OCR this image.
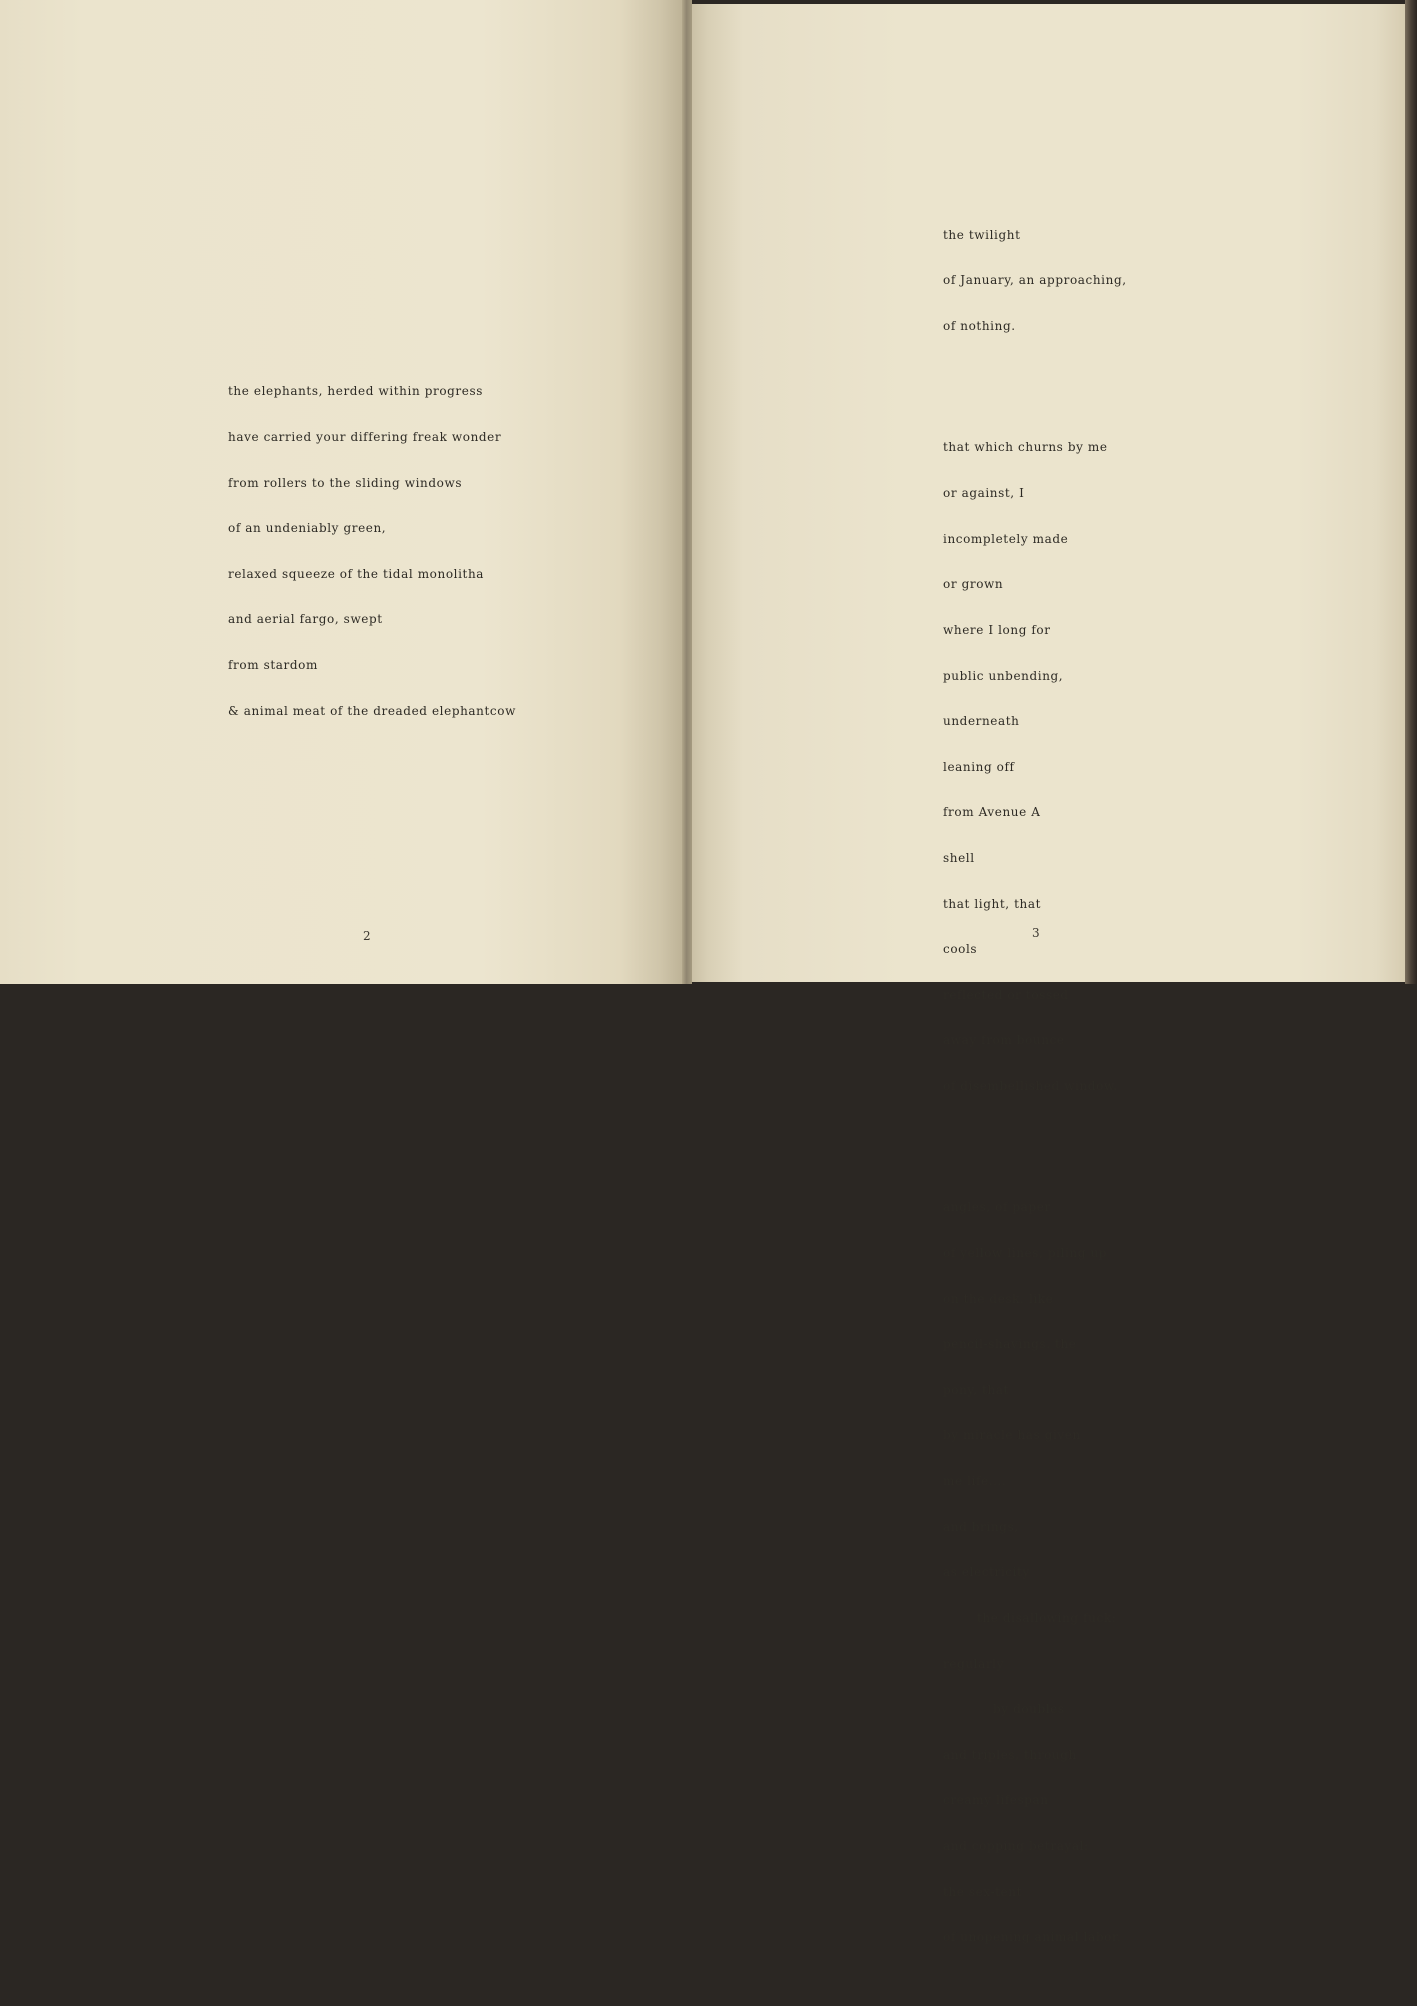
the elephants, herded within progress

have carried your differing freak wonder

from rollers to the sliding windows

of an undeniably green,

relaxed squeeze of the tidal monolitha

and aerial fargo, swept

from stardom

& animal meat of the dreaded elephantcow

2

the twilight

of January, an approaching,

of nothing.

that which churns by me

or against, I

incompletely made

or grown

where I long for

public unbending,

underneath

leaning off

from Avenue A

shell

that light, that

cools

reflected or tossed

away from bounce

of disembellished window.

angles, of paper

of yellow lines, piling up

on the desk. like

pencil-shavings. the

pony, that

by miracle has given

me life....

and brings,

as electricity

the disallowing fuck:

regularly

by doubles

and triples, through

creamy lifespan

and copping betrayal:

the sex-tent

of unopening animal labor.

3
